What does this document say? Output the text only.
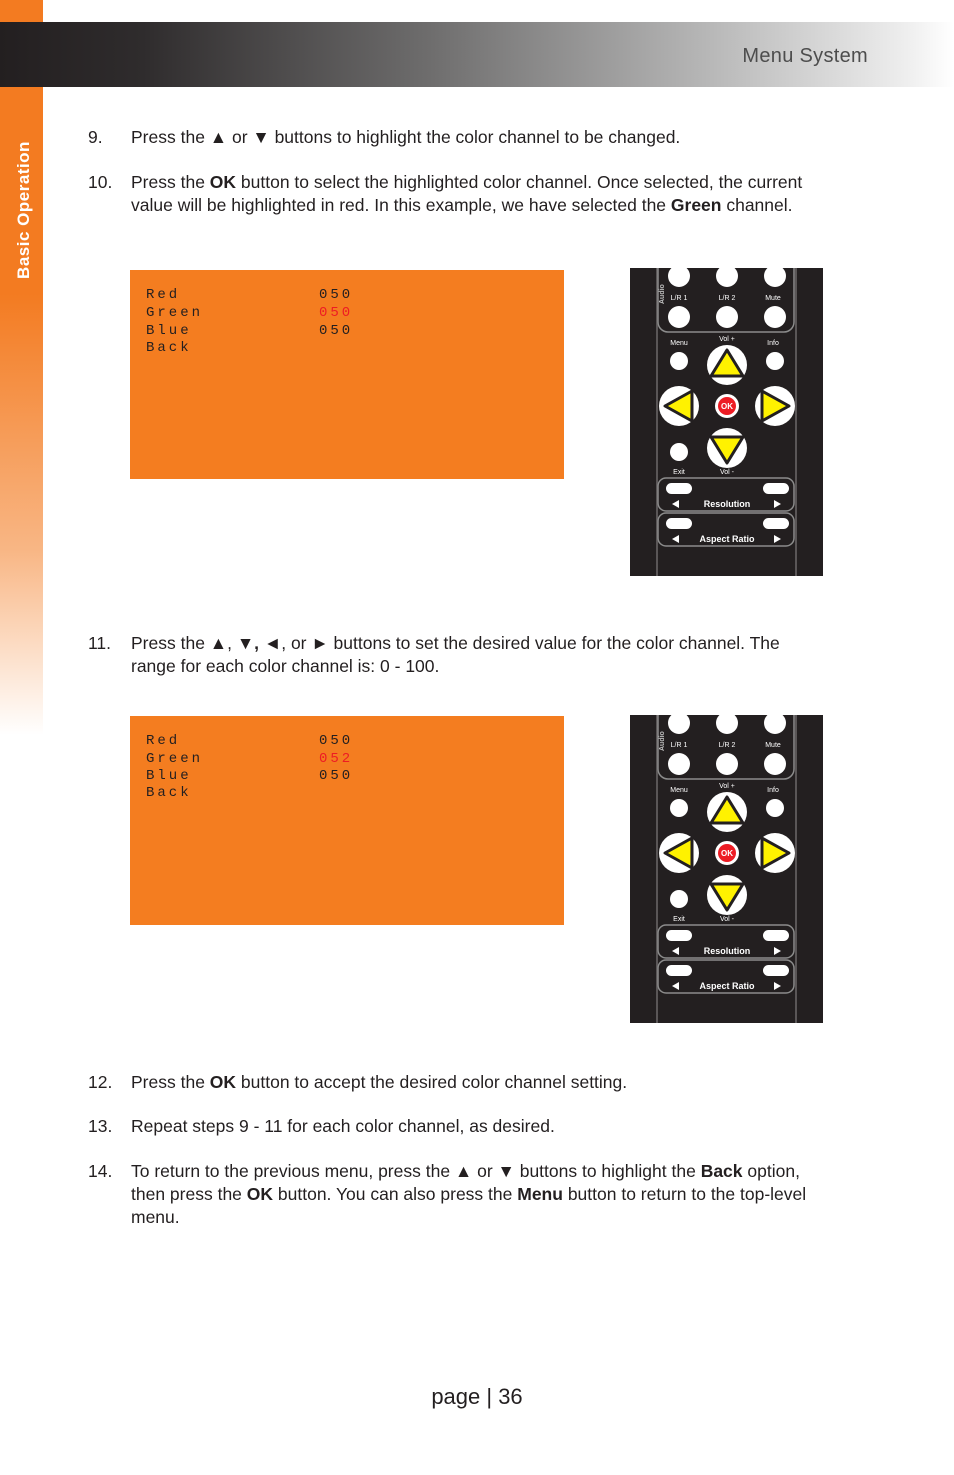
Basic Operation
Menu System
9. Press the ▲ or ▼ buttons to highlight the color channel to be changed.
10. Press the OK button to select the highlighted color channel. Once selected, the current value will be highlighted in red. In this example, we have selected the Green channel.
Red	050
Green	050
Blue	050
Back
Audio L/R 1	L/R 2	Mute
Menu
Vol +
Info
OK
Exit	Vol -
Resolution
Aspect Ratio
11. Press the ▲, ▼, ◄, or ► buttons to set the desired value for the color channel. The range for each color channel is: 0 - 100.
Red	050
Green	052
Blue	050
Back
Audio L/R 1	L/R 2	Mute
Menu
Vol +
Info
OK
Exit	Vol -
Resolution
Aspect Ratio
12. Press the OK button to accept the desired color channel setting.
13. Repeat steps 9 - 11 for each color channel, as desired.
14. To return to the previous menu, press the ▲ or ▼ buttons to highlight the Back option, then press the OK button. You can also press the Menu button to return to the top-level menu.
page | 36
